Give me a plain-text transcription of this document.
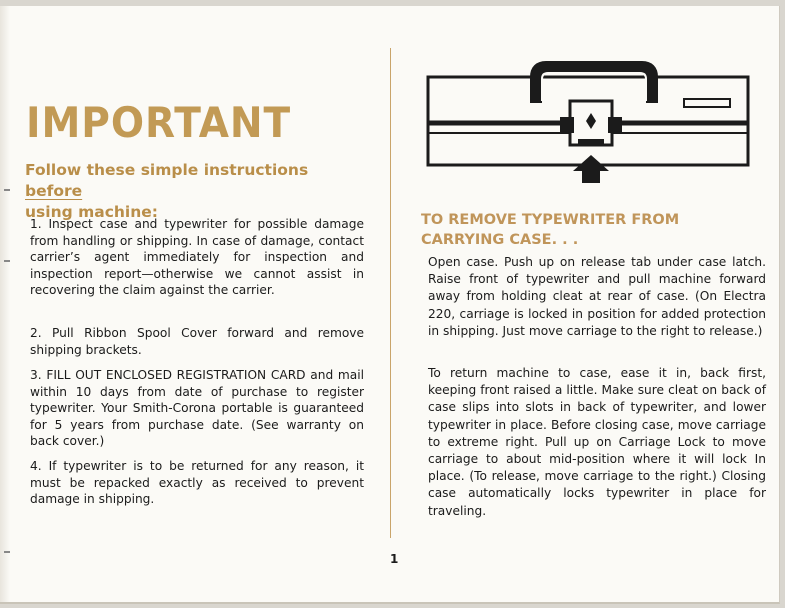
IMPORTANT
Follow these simple instructions before
using machine:
1. Inspect case and typewriter for possible damage from handling or shipping. In case of damage, contact carrier’s agent immediately for inspection and inspection report—otherwise we cannot assist in recovering the claim against the carrier.
2. Pull Ribbon Spool Cover forward and remove shipping brackets.
3. FILL OUT ENCLOSED REGISTRATION CARD and mail within 10 days from date of purchase to register typewriter. Your Smith-Corona portable is guaranteed for 5 years from purchase date. (See warranty on back cover.)
4. If typewriter is to be returned for any reason, it must be repacked exactly as received to prevent damage in shipping.
TO REMOVE TYPEWRITER FROM CARRYING CASE. . .
Open case. Push up on release tab under case latch. Raise front of typewriter and pull machine forward away from holding cleat at rear of case. (On Electra 220, carriage is locked in position for added protection in shipping. Just move carriage to the right to release.)
To return machine to case, ease it in, back first, keeping front raised a little. Make sure cleat on back of case slips into slots in back of typewriter, and lower typewriter in place. Before closing case, move carriage to extreme right. Pull up on Carriage Lock to move carriage to about mid-position where it will lock In place. (To release, move carriage to the right.) Closing case automatically locks typewriter in place for traveling.
1
